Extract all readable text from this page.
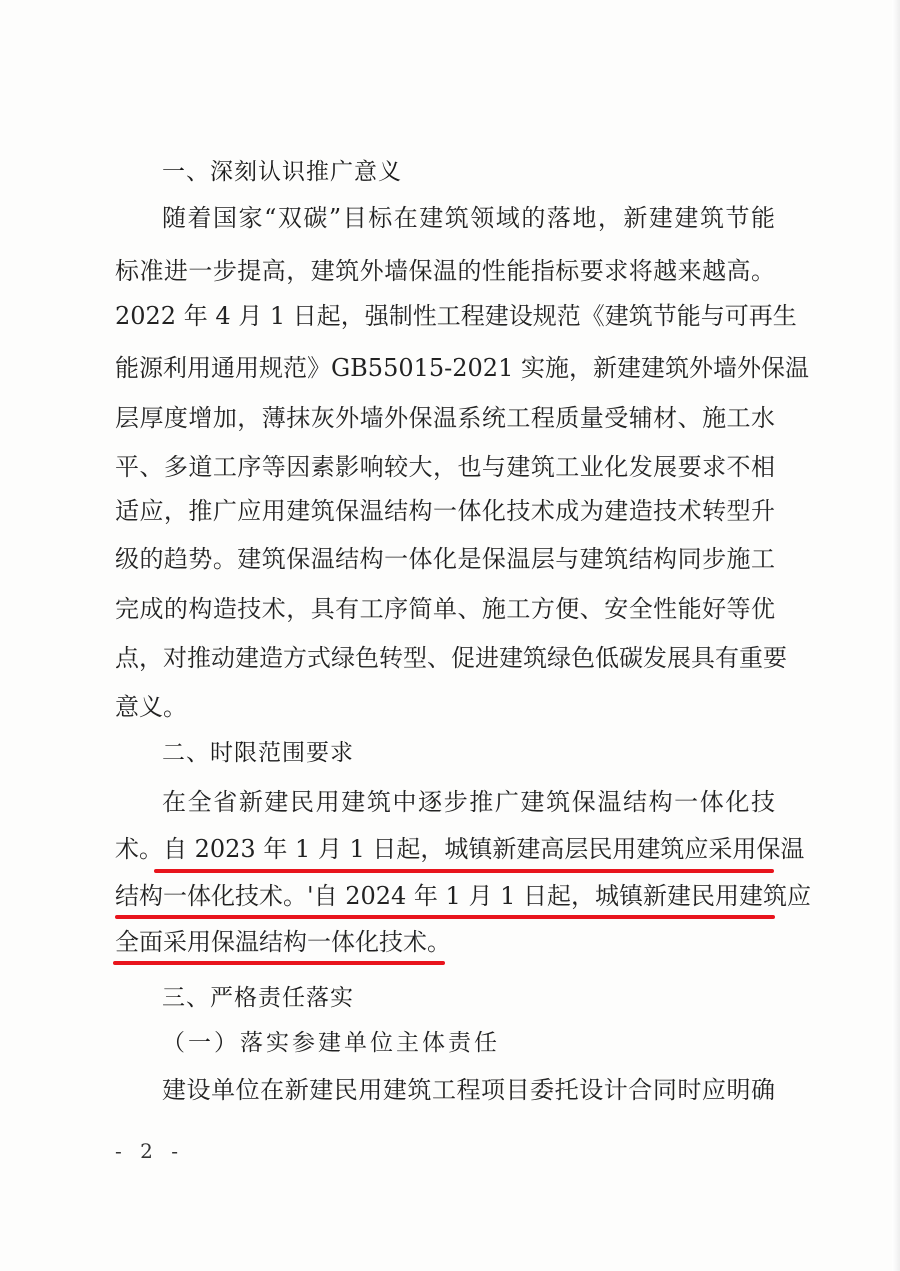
一、深刻认识推广意义
随着国家“双碳”目标在建筑领域的落地，新建建筑节能
标准进一步提高，建筑外墙保温的性能指标要求将越来越高。
2022 年 4 月 1 日起，强制性工程建设规范《建筑节能与可再生
能源利用通用规范》GB55015-2021 实施，新建建筑外墙外保温
层厚度增加，薄抹灰外墙外保温系统工程质量受辅材、施工水
平、多道工序等因素影响较大，也与建筑工业化发展要求不相
适应，推广应用建筑保温结构一体化技术成为建造技术转型升
级的趋势。建筑保温结构一体化是保温层与建筑结构同步施工
完成的构造技术，具有工序简单、施工方便、安全性能好等优
点，对推动建造方式绿色转型、促进建筑绿色低碳发展具有重要
意义。
二、时限范围要求
在全省新建民用建筑中逐步推广建筑保温结构一体化技
术。自 2023 年 1 月 1 日起，城镇新建高层民用建筑应采用保温
结构一体化技术。'自 2024 年 1 月 1 日起，城镇新建民用建筑应
全面采用保温结构一体化技术。
三、严格责任落实
（一）落实参建单位主体责任
建设单位在新建民用建筑工程项目委托设计合同时应明确
- 2 -
